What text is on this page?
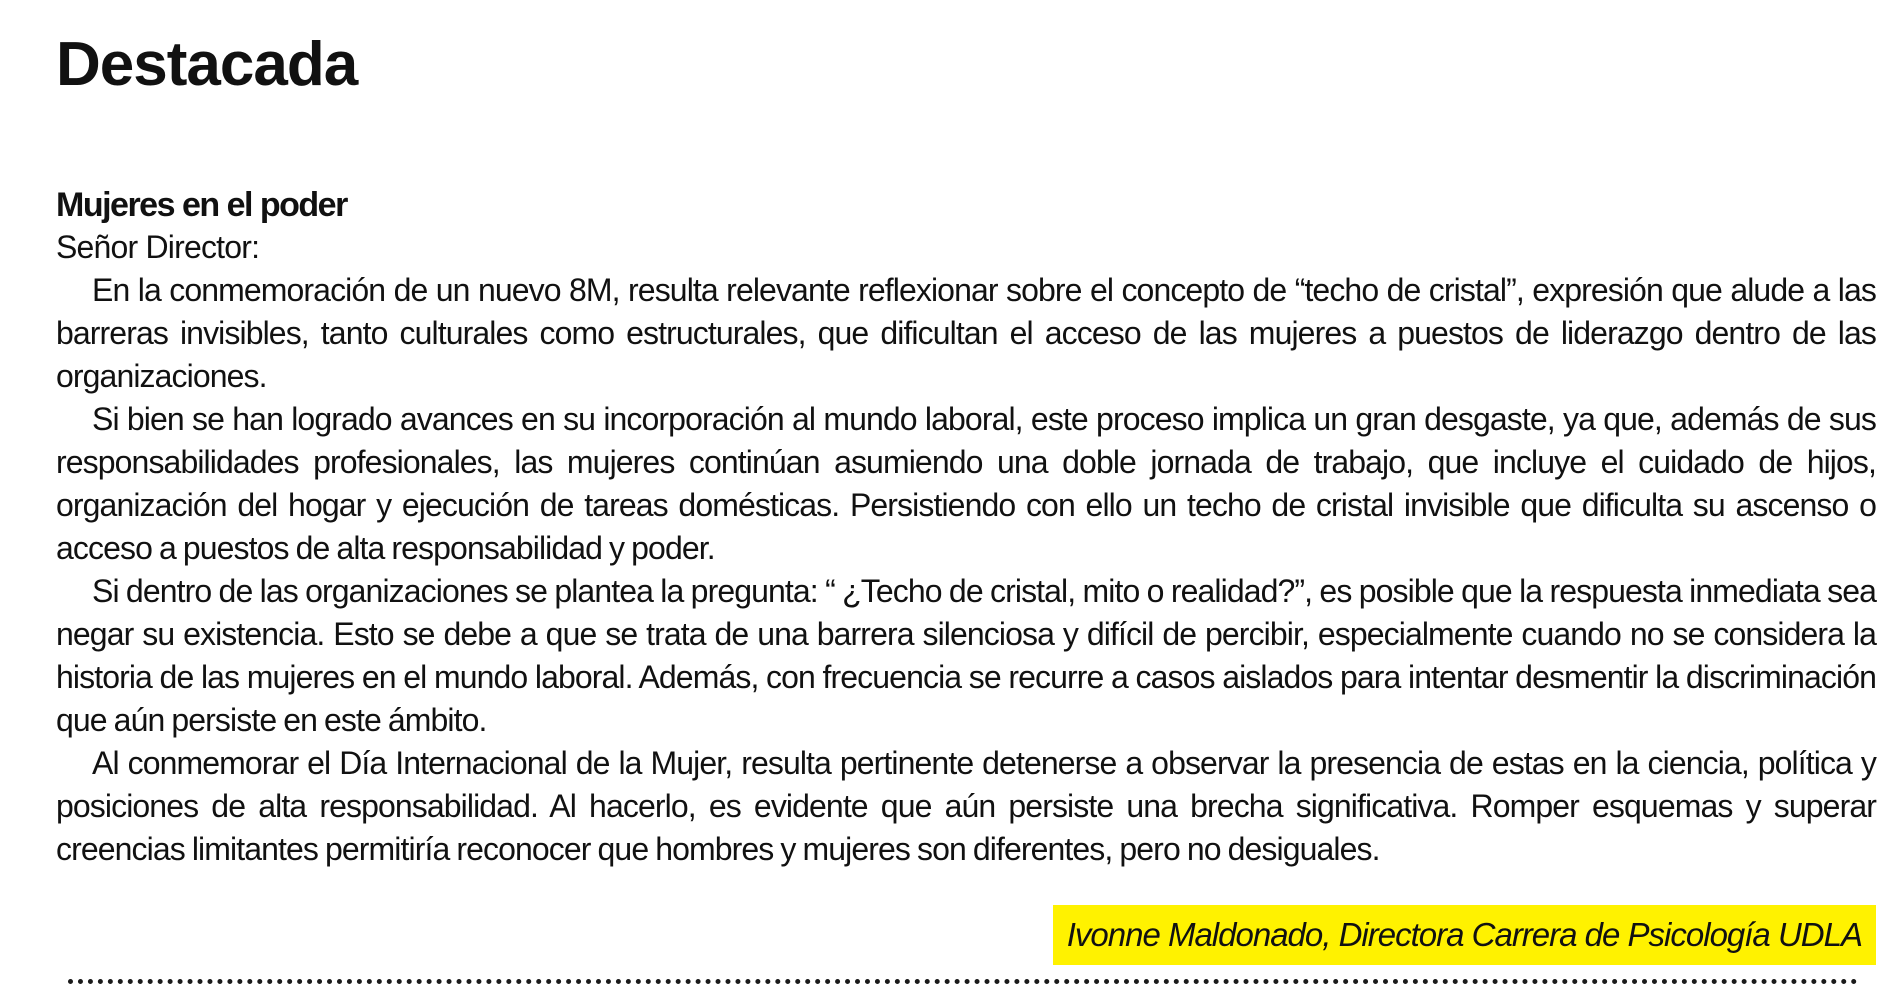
Destacada
Mujeres en el poder

Señor Director:

En la conmemoración de un nuevo 8M, resulta relevante reflexionar sobre el concepto de “techo de cristal”, expresión que alude a las barreras invisibles, tanto culturales como estructurales, que dificultan el acceso de las mujeres a puestos de liderazgo dentro de las organizaciones.

Si bien se han logrado avances en su incorporación al mundo laboral, este proceso implica un gran desgaste, ya que, además de sus responsabilidades profesionales, las mujeres continúan asumiendo una doble jornada de trabajo, que incluye el cuidado de hijos, organización del hogar y ejecución de tareas domésticas. Persistiendo con ello un techo de cristal invisible que dificulta su ascenso o acceso a puestos de alta responsabilidad y poder.

Si dentro de las organizaciones se plantea la pregunta: “ ¿Techo de cristal, mito o realidad?”, es posible que la respuesta inmediata sea negar su existencia. Esto se debe a que se trata de una barrera silenciosa y difícil de percibir, especialmente cuando no se considera la historia de las mujeres en el mundo laboral. Además, con frecuencia se recurre a casos aislados para intentar desmentir la discriminación que aún persiste en este ámbito.

Al conmemorar el Día Internacional de la Mujer, resulta pertinente detenerse a observar la presencia de estas en la ciencia, política y posiciones de alta responsabilidad. Al hacerlo, es evidente que aún persiste una brecha significativa. Romper esquemas y superar creencias limitantes permitiría reconocer que hombres y mujeres son diferentes, pero no desiguales.

Ivonne Maldonado, Directora Carrera de Psicología UDLA
